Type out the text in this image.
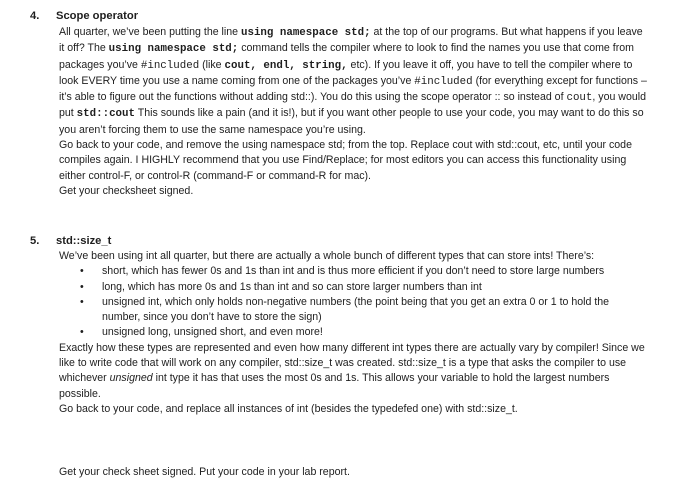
4. Scope operator

All quarter, we’ve been putting the line using namespace std; at the top of our programs. But what happens if you leave it off? The using namespace std; command tells the compiler where to look to find the names you use that come from packages you’ve #included (like cout, endl, string, etc). If you leave it off, you have to tell the compiler where to look EVERY time you use a name coming from one of the packages you’ve #included (for everything except for functions – it’s able to figure out the functions without adding std::). You do this using the scope operator :: so instead of cout, you would put std::cout This sounds like a pain (and it is!), but if you want other people to use your code, you may want to do this so you aren’t forcing them to use the same namespace you’re using.

Go back to your code, and remove the using namespace std; from the top. Replace cout with std::cout, etc, until your code compiles again. I HIGHLY recommend that you use Find/Replace; for most editors you can access this functionality using either control-F, or control-R (command-F or command-R for mac).

Get your checksheet signed.

5. std::size_t

We’ve been using int all quarter, but there are actually a whole bunch of different types that can store ints! There’s:

• short, which has fewer 0s and 1s than int and is thus more efficient if you don’t need to store large numbers
• long, which has more 0s and 1s than int and so can store larger numbers than int
• unsigned int, which only holds non-negative numbers (the point being that you get an extra 0 or 1 to hold the number, since you don’t have to store the sign)
• unsigned long, unsigned short, and even more!

Exactly how these types are represented and even how many different int types there are actually vary by compiler! Since we like to write code that will work on any compiler, std::size_t was created. std::size_t is a type that asks the compiler to use whichever unsigned int type it has that uses the most 0s and 1s. This allows your variable to hold the largest numbers possible.

Go back to your code, and replace all instances of int (besides the typedefed one) with std::size_t.

Get your check sheet signed. Put your code in your lab report.
